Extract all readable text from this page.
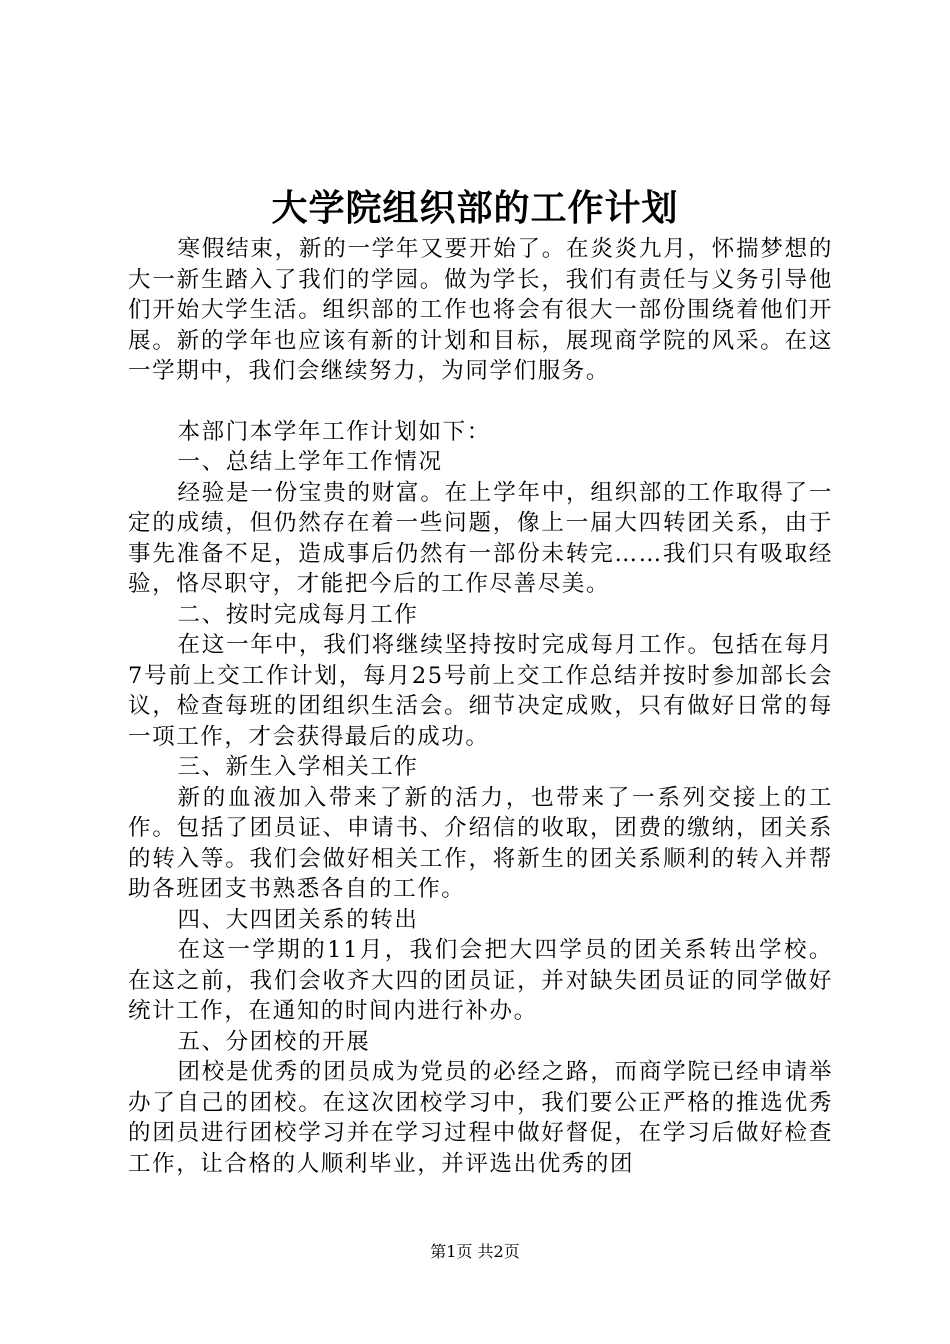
大学院组织部的工作计划

寒假结束，新的一学年又要开始了。在炎炎九月，怀揣梦想的大一新生踏入了我们的学园。做为学长，我们有责任与义务引导他们开始大学生活。组织部的工作也将会有很大一部份围绕着他们开展。新的学年也应该有新的计划和目标，展现商学院的风采。在这一学期中，我们会继续努力，为同学们服务。

本部门本学年工作计划如下：

一、总结上学年工作情况

经验是一份宝贵的财富。在上学年中，组织部的工作取得了一定的成绩，但仍然存在着一些问题，像上一届大四转团关系，由于事先准备不足，造成事后仍然有一部份未转完……我们只有吸取经验，恪尽职守，才能把今后的工作尽善尽美。

二、按时完成每月工作

在这一年中，我们将继续坚持按时完成每月工作。包括在每月7号前上交工作计划，每月25号前上交工作总结并按时参加部长会议，检查每班的团组织生活会。细节决定成败，只有做好日常的每一项工作，才会获得最后的成功。

三、新生入学相关工作

新的血液加入带来了新的活力，也带来了一系列交接上的工作。包括了团员证、申请书、介绍信的收取，团费的缴纳，团关系的转入等。我们会做好相关工作，将新生的团关系顺利的转入并帮助各班团支书熟悉各自的工作。

四、大四团关系的转出

在这一学期的11月，我们会把大四学员的团关系转出学校。在这之前，我们会收齐大四的团员证，并对缺失团员证的同学做好统计工作，在通知的时间内进行补办。

五、分团校的开展

团校是优秀的团员成为党员的必经之路，而商学院已经申请举办了自己的团校。在这次团校学习中，我们要公正严格的推选优秀的团员进行团校学习并在学习过程中做好督促，在学习后做好检查工作，让合格的人顺利毕业，并评选出优秀的团

第1页 共2页
